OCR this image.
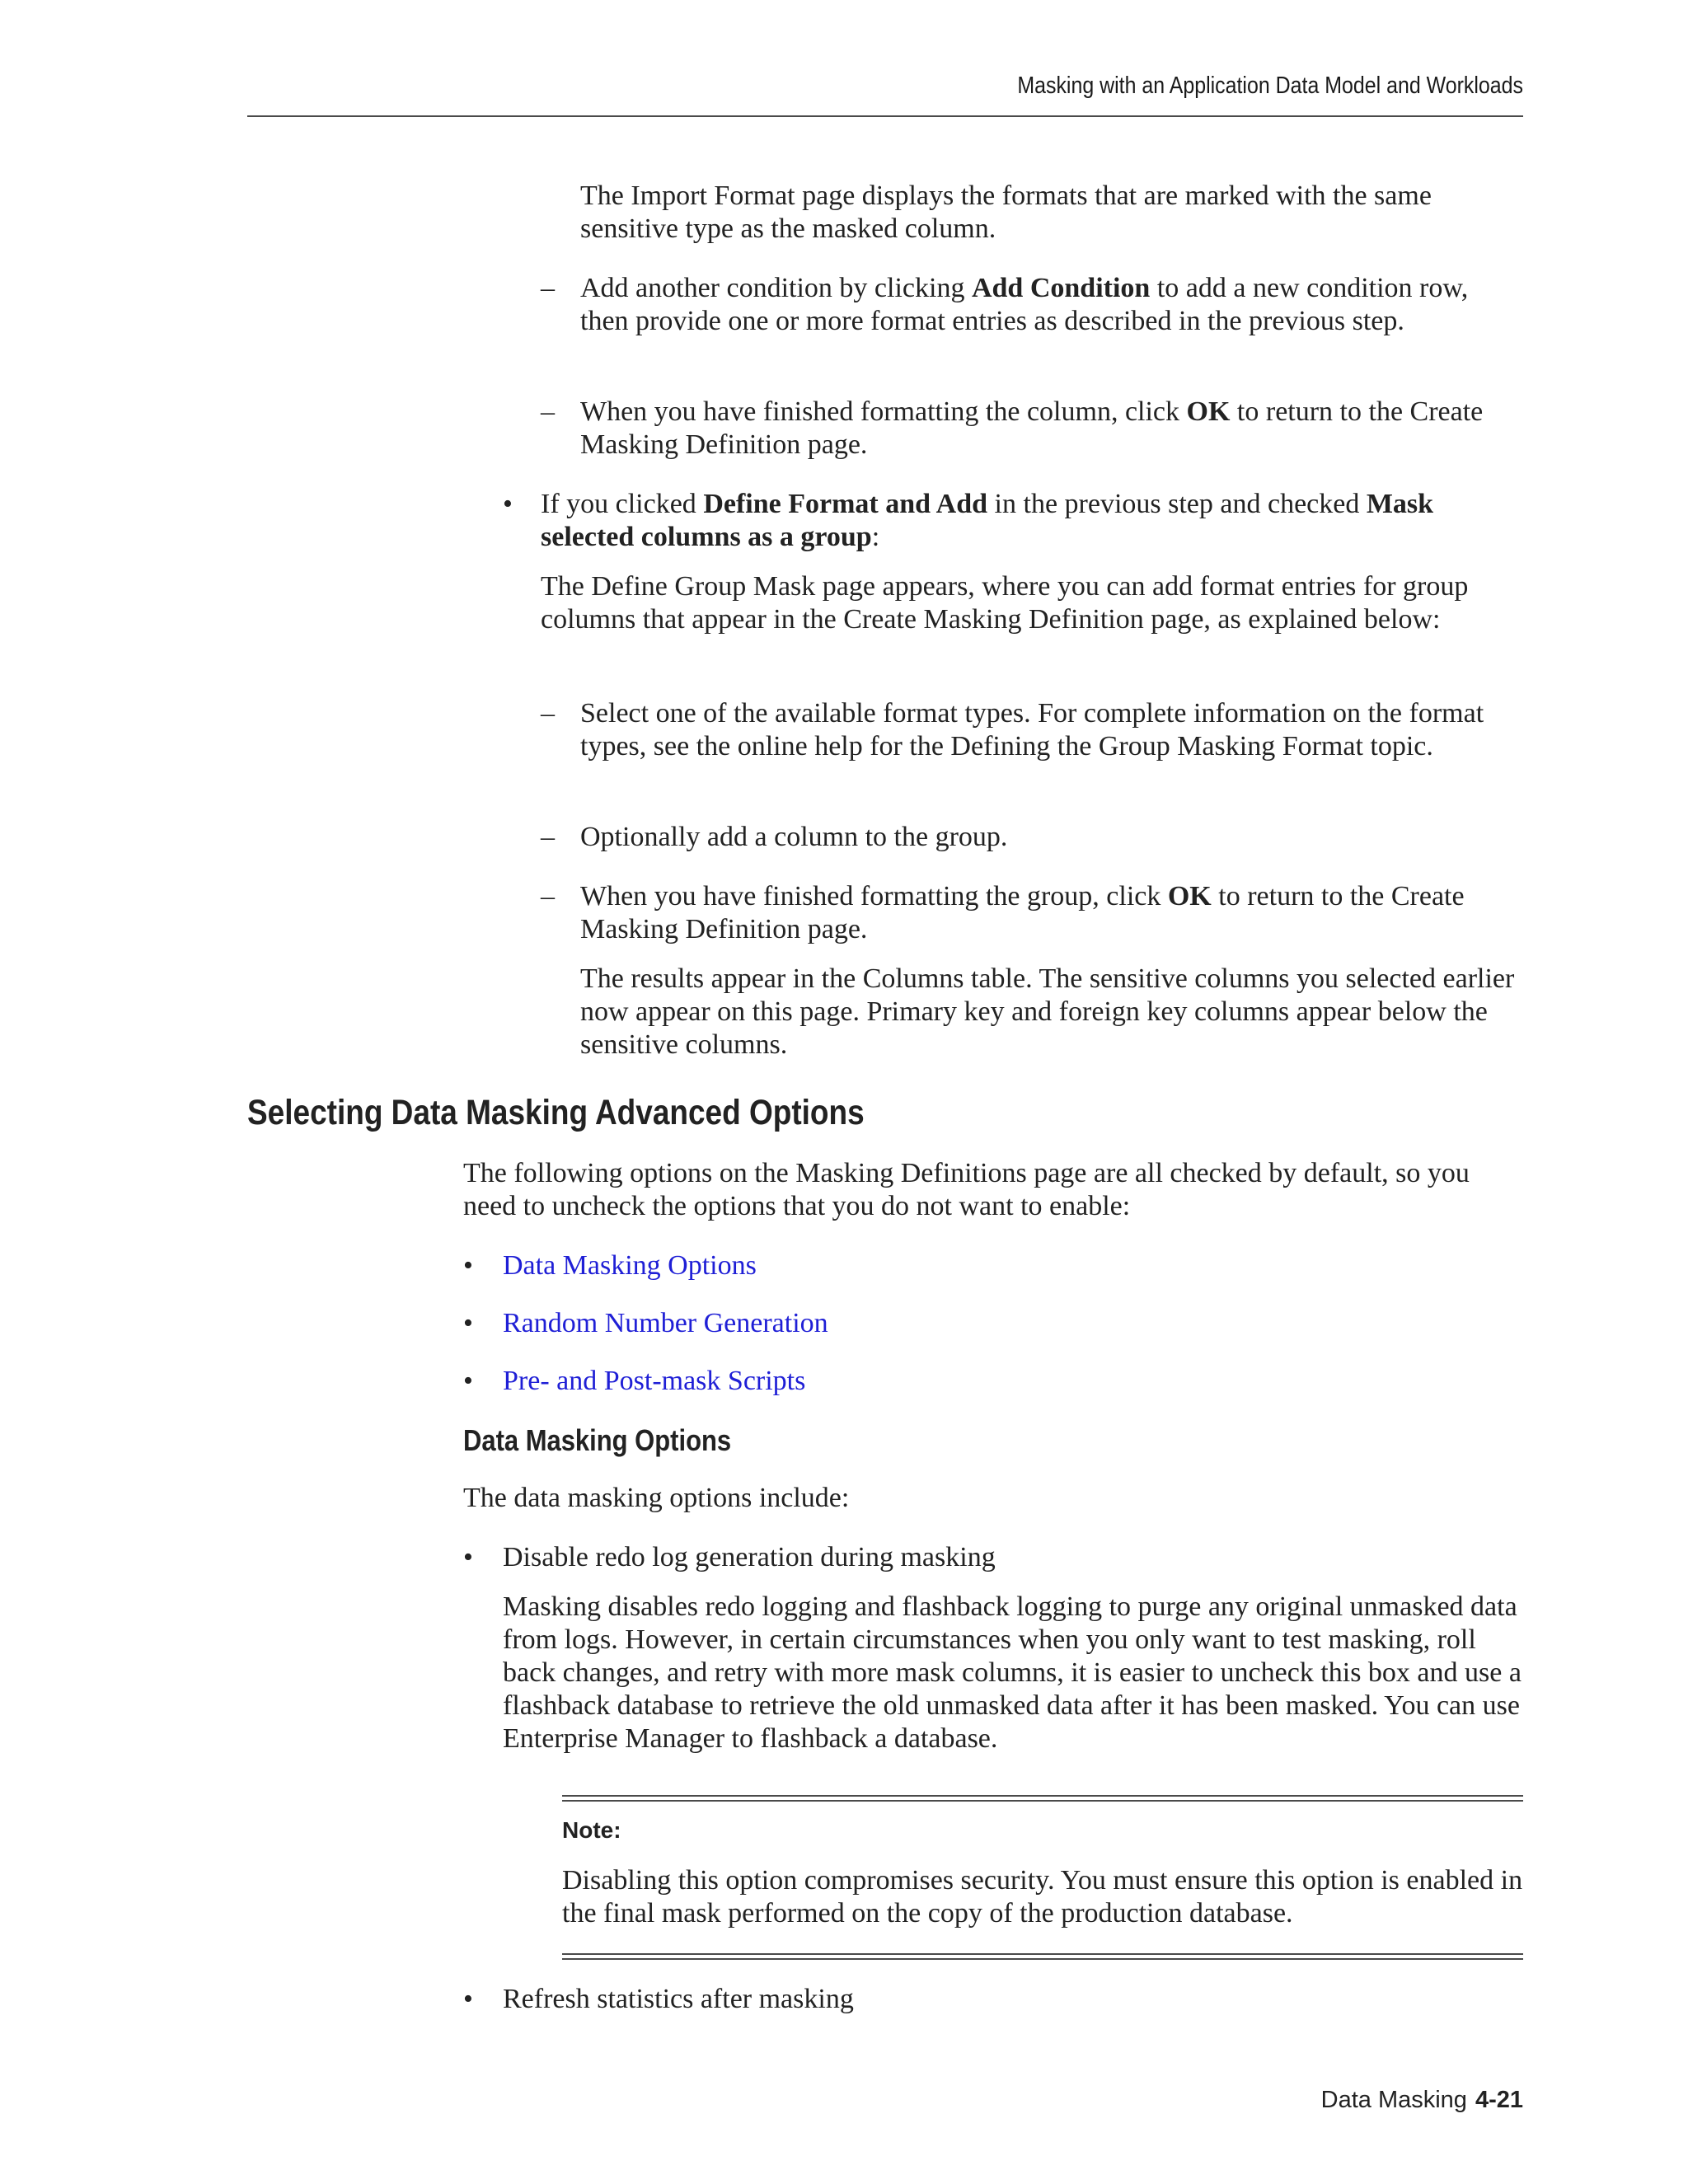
Masking with an Application Data Model and Workloads
The Import Format page displays the formats that are marked with the same sensitive type as the masked column.
– Add another condition by clicking Add Condition to add a new condition row, then provide one or more format entries as described in the previous step.
– When you have finished formatting the column, click OK to return to the Create Masking Definition page.
• If you clicked Define Format and Add in the previous step and checked Mask selected columns as a group:
The Define Group Mask page appears, where you can add format entries for group columns that appear in the Create Masking Definition page, as explained below:
– Select one of the available format types. For complete information on the format types, see the online help for the Defining the Group Masking Format topic.
– Optionally add a column to the group.
– When you have finished formatting the group, click OK to return to the Create Masking Definition page.
The results appear in the Columns table. The sensitive columns you selected earlier now appear on this page. Primary key and foreign key columns appear below the sensitive columns.
Selecting Data Masking Advanced Options
The following options on the Masking Definitions page are all checked by default, so you need to uncheck the options that you do not want to enable:
• Data Masking Options
• Random Number Generation
• Pre- and Post-mask Scripts
Data Masking Options
The data masking options include:
• Disable redo log generation during masking
Masking disables redo logging and flashback logging to purge any original unmasked data from logs. However, in certain circumstances when you only want to test masking, roll back changes, and retry with more mask columns, it is easier to uncheck this box and use a flashback database to retrieve the old unmasked data after it has been masked. You can use Enterprise Manager to flashback a database.
Note:
Disabling this option compromises security. You must ensure this option is enabled in the final mask performed on the copy of the production database.
• Refresh statistics after masking
Data Masking 4-21
